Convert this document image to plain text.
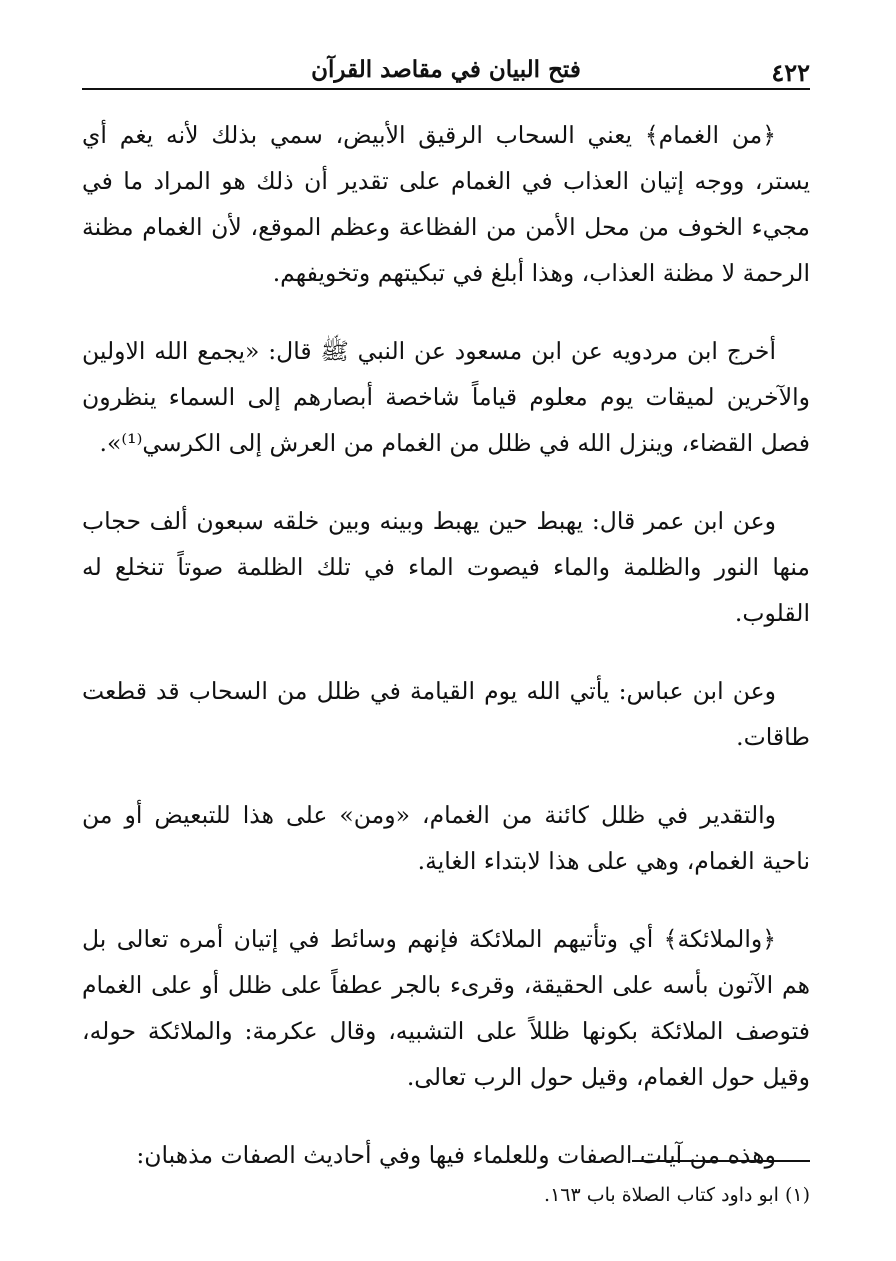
٤٢٢
فتح البيان في مقاصد القرآن

﴿من الغمام﴾ يعني السحاب الرقيق الأبيض، سمي بذلك لأنه يغم أي يستر، ووجه إتيان العذاب في الغمام على تقدير أن ذلك هو المراد ما في مجيء الخوف من محل الأمن من الفظاعة وعظم الموقع، لأن الغمام مظنة الرحمة لا مظنة العذاب، وهذا أبلغ في تبكيتهم وتخويفهم.

أخرج ابن مردويه عن ابن مسعود عن النبي ﷺ قال: «يجمع الله الاولين والآخرين لميقات يوم معلوم قياماً شاخصة أبصارهم إلى السماء ينظرون فصل القضاء، وينزل الله في ظلل من الغمام من العرش إلى الكرسي⁽¹⁾».

وعن ابن عمر قال: يهبط حين يهبط وبينه وبين خلقه سبعون ألف حجاب منها النور والظلمة والماء فيصوت الماء في تلك الظلمة صوتاً تنخلع له القلوب.

وعن ابن عباس: يأتي الله يوم القيامة في ظلل من السحاب قد قطعت طاقات.

والتقدير في ظلل كائنة من الغمام، «ومن» على هذا للتبعيض أو من ناحية الغمام، وهي على هذا لابتداء الغاية.

﴿والملائكة﴾ أي وتأتيهم الملائكة فإنهم وسائط في إتيان أمره تعالى بل هم الآتون بأسه على الحقيقة، وقرىء بالجر عطفاً على ظلل أو على الغمام فتوصف الملائكة بكونها ظللاً على التشبيه، وقال عكرمة: والملائكة حوله، وقيل حول الغمام، وقيل حول الرب تعالى.

وهذه من آيات الصفات وللعلماء فيها وفي أحاديث الصفات مذهبان:

(١) ابو داود كتاب الصلاة باب ١٦٣.
